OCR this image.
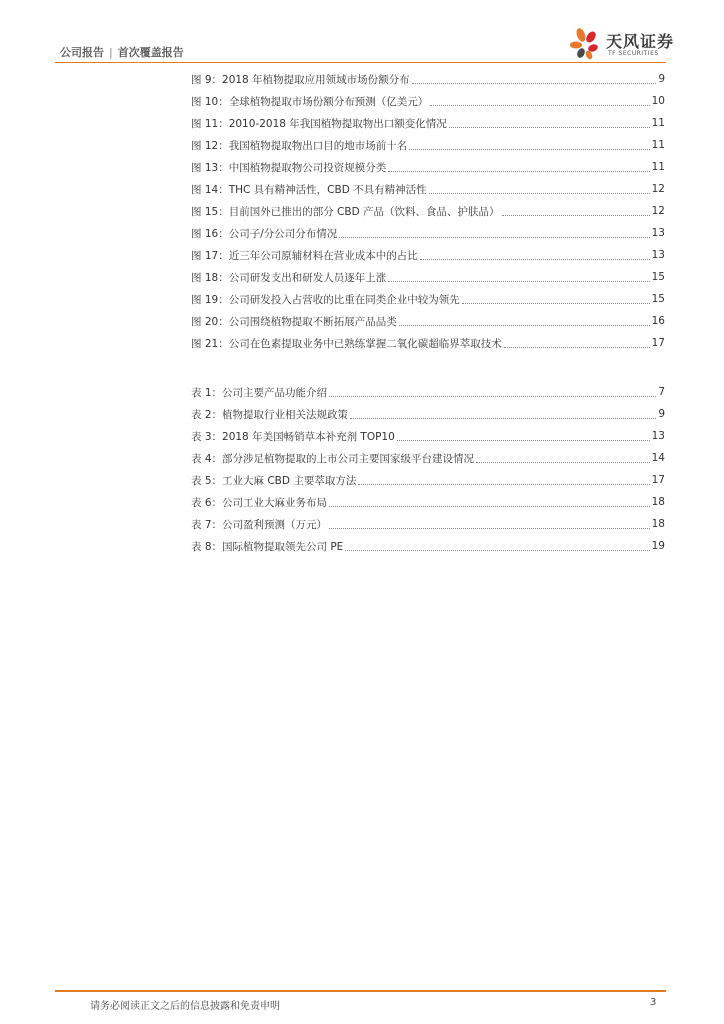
公司报告 | 首次覆盖报告
天风证券
TF SECURITIES
图 9：2018 年植物提取应用领域市场份额分布	9
图 10：全球植物提取市场份额分布预测（亿美元）	10
图 11：2010-2018 年我国植物提取物出口额变化情况	11
图 12：我国植物提取物出口目的地市场前十名	11
图 13：中国植物提取物公司投资规模分类	11
图 14：THC 具有精神活性，CBD 不具有精神活性	12
图 15：目前国外已推出的部分 CBD 产品（饮料、食品、护肤品）	12
图 16：公司子/分公司分布情况	13
图 17：近三年公司原辅材料在营业成本中的占比	13
图 18：公司研发支出和研发人员逐年上涨	15
图 19：公司研发投入占营收的比重在同类企业中较为领先	15
图 20：公司围绕植物提取不断拓展产品品类	16
图 21：公司在色素提取业务中已熟练掌握二氧化碳超临界萃取技术	17
表 1：公司主要产品功能介绍	7
表 2：植物提取行业相关法规政策	9
表 3：2018 年美国畅销草本补充剂 TOP10	13
表 4：部分涉足植物提取的上市公司主要国家级平台建设情况	14
表 5：工业大麻 CBD 主要萃取方法	17
表 6：公司工业大麻业务布局	18
表 7：公司盈利预测（万元）	18
表 8：国际植物提取领先公司 PE	19
请务必阅读正文之后的信息披露和免责申明	3
